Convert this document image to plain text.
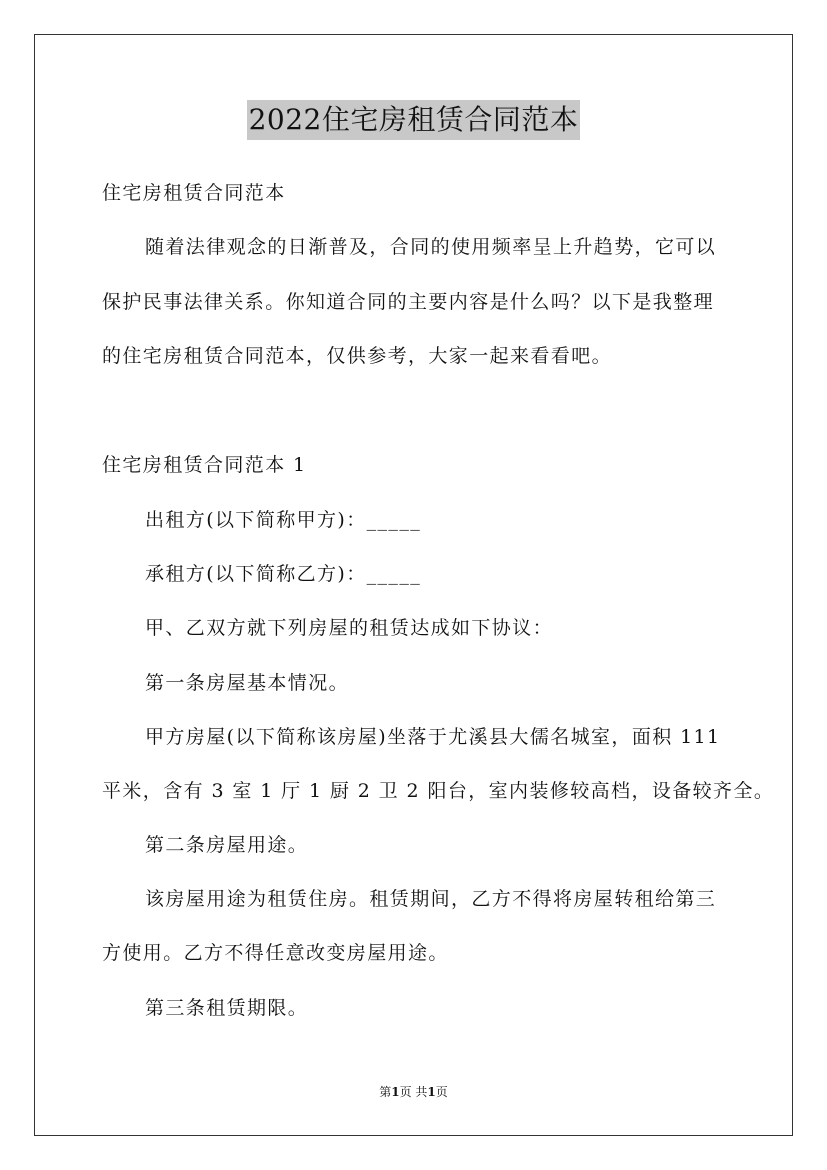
2022住宅房租赁合同范本
住宅房租赁合同范本
随着法律观念的日渐普及，合同的使用频率呈上升趋势，它可以
保护民事法律关系。你知道合同的主要内容是什么吗？以下是我整理
的住宅房租赁合同范本，仅供参考，大家一起来看看吧。
住宅房租赁合同范本 1
出租方(以下简称甲方)：_____
承租方(以下简称乙方)：_____
甲、乙双方就下列房屋的租赁达成如下协议：
第一条房屋基本情况。
甲方房屋(以下简称该房屋)坐落于尤溪县大儒名城室，面积 111
平米，含有 3 室 1 厅 1 厨 2 卫 2 阳台，室内装修较高档，设备较齐全。
第二条房屋用途。
该房屋用途为租赁住房。租赁期间，乙方不得将房屋转租给第三
方使用。乙方不得任意改变房屋用途。
第三条租赁期限。
第1页 共1页
